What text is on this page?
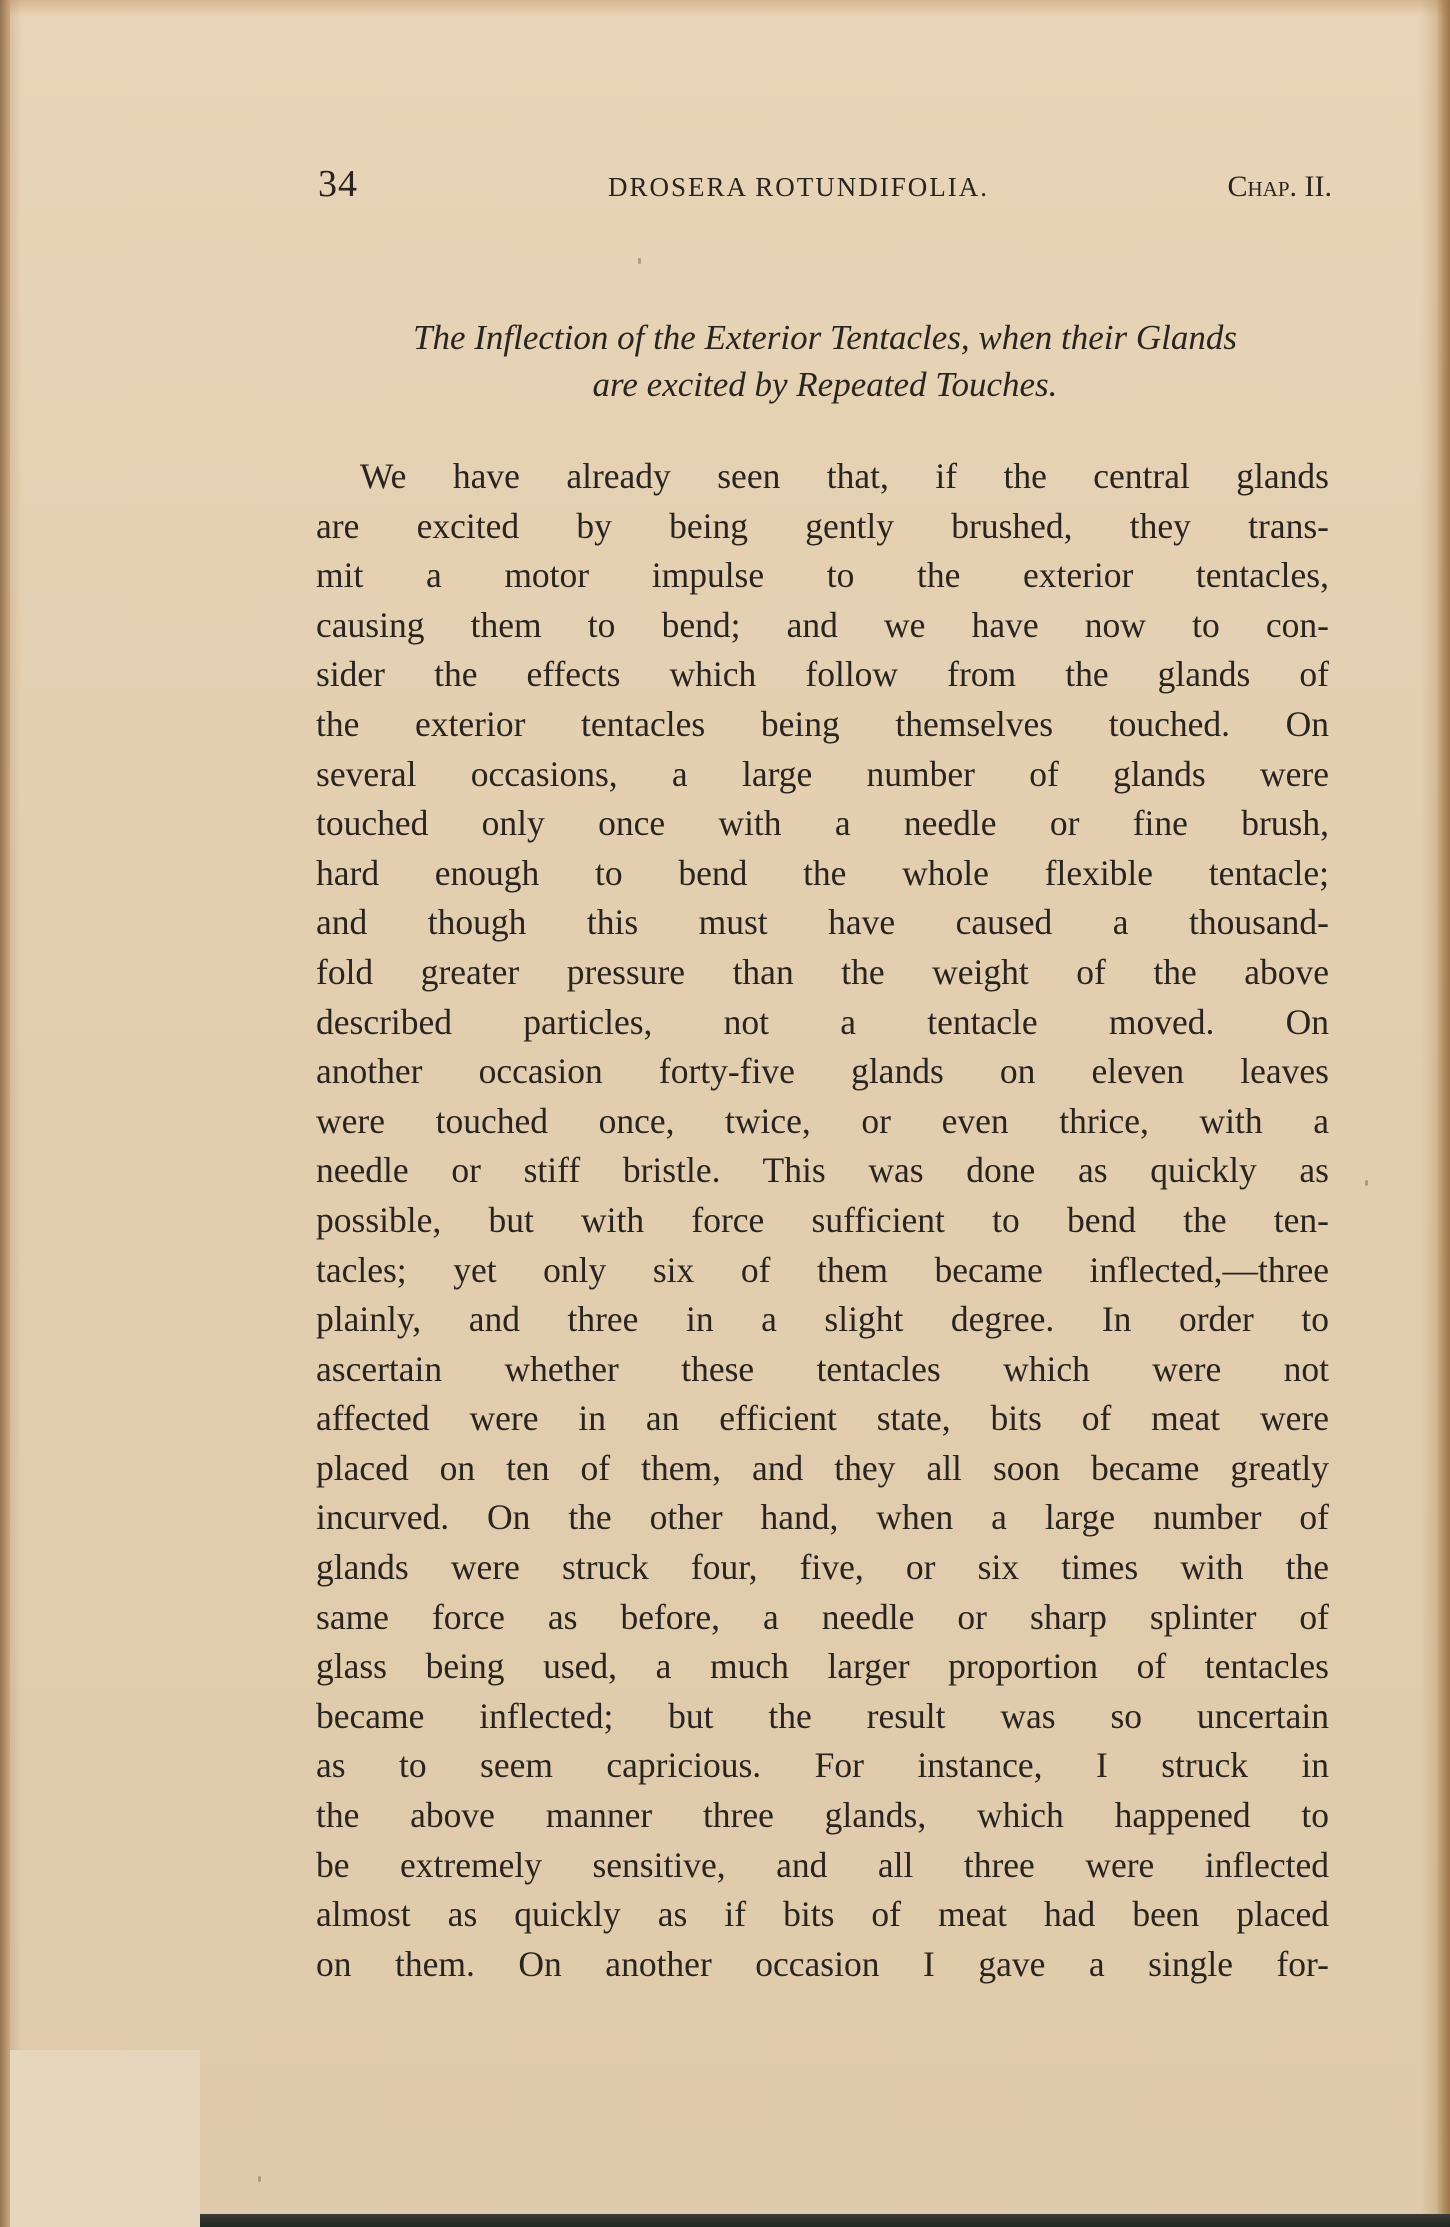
34	DROSERA ROTUNDIFOLIA.	Chap. II.
The Inflection of the Exterior Tentacles, when their Glands
are excited by Repeated Touches.
We have already seen that, if the central glands
are excited by being gently brushed, they trans-
mit a motor impulse to the exterior tentacles,
causing them to bend; and we have now to con-
sider the effects which follow from the glands of
the exterior tentacles being themselves touched. On
several occasions, a large number of glands were
touched only once with a needle or fine brush,
hard enough to bend the whole flexible tentacle;
and though this must have caused a thousand-
fold greater pressure than the weight of the above
described particles, not a tentacle moved. On
another occasion forty-five glands on eleven leaves
were touched once, twice, or even thrice, with a
needle or stiff bristle. This was done as quickly as
possible, but with force sufficient to bend the ten-
tacles; yet only six of them became inflected,—three
plainly, and three in a slight degree. In order to
ascertain whether these tentacles which were not
affected were in an efficient state, bits of meat were
placed on ten of them, and they all soon became greatly
incurved. On the other hand, when a large number of
glands were struck four, five, or six times with the
same force as before, a needle or sharp splinter of
glass being used, a much larger proportion of tentacles
became inflected; but the result was so uncertain
as to seem capricious. For instance, I struck in
the above manner three glands, which happened to
be extremely sensitive, and all three were inflected
almost as quickly as if bits of meat had been placed
on them. On another occasion I gave a single for-
